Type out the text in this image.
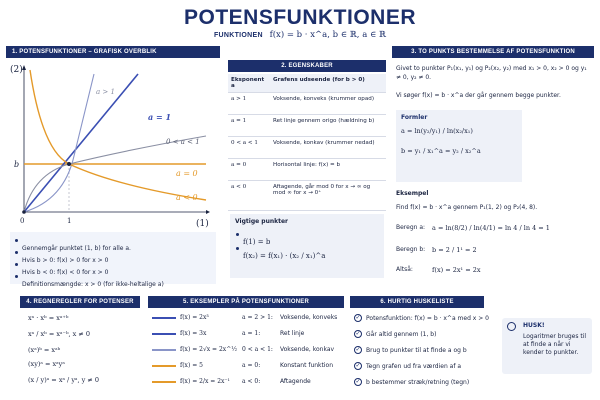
POTENSFUNKTIONER
FUNKTIONEN f(x) = b · x^a, b ∈ ℝ, a ∈ ℝ
1. POTENSFUNKTIONER – GRAFISK OVERBLIK
(2)
(1)
b
0	1
a > 1
a = 1
0 < a < 1
a = 0
a < 0
Gennemgår punktet (1, b) for alle a.
Hvis b > 0: f(x) > 0 for x > 0
Hvis b < 0: f(x) < 0 for x > 0
Definitionsmængde: x > 0 (for ikke-heltalige a)
2. EGENSKABER
Eksponent a
Grafens udseende (for b > 0)
a > 1	Voksende, konveks (krummer opad)
a = 1	Ret linje gennem origo (hældning b)
0 < a < 1	Voksende, konkav (krummer nedad)
a = 0	Horisontal linje: f(x) = b
a < 0	Aftagende, går mod 0 for x → ∞ og mod ∞ for x → 0⁺
Vigtige punkter
f(1) = b
f(x₂) = f(x₁) · (x₂ / x₁)^a
3. TO PUNKTS BESTEMMELSE AF POTENSFUNKTION
Givet to punkter P₁(x₁, y₁) og P₂(x₂, y₂) med x₁ > 0, x₂ > 0 og y₁ ≠ 0, y₂ ≠ 0.
Vi søger f(x) = b · x^a der går gennem begge punkter.
Formler
a = ln(y₂/y₁) / ln(x₂/x₁)
b = y₁ / x₁^a = y₂ / x₂^a
Eksempel
Find f(x) = b · x^a gennem P₁(1, 2) og P₂(4, 8).
Beregn a:	a = ln(8/2) / ln(4/1) = ln 4 / ln 4 = 1
Beregn b:	b = 2 / 1¹ = 2
Altså:	f(x) = 2x¹ = 2x
4. REGNEREGLER FOR POTENSER
xᵃ · xᵇ = xᵃ⁺ᵇ
xᵃ / xᵇ = xᵃ⁻ᵇ, x ≠ 0
(xᵃ)ᵇ = xᵃᵇ
(xy)ᵃ = xᵃyᵃ
(x / y)ᵃ = xᵃ / yᵃ, y ≠ 0
5. EKSEMPLER PÅ POTENSFUNKTIONER
f(x) = 2x³	a = 2 > 1: Voksende, konveks
f(x) = 3x	a = 1:	Ret linje
f(x) = 2√x = 2x^½ 0 < a < 1: Voksende, konkav
f(x) = 5	a = 0:	Konstant funktion
f(x) = 2/x = 2x⁻¹ a < 0:	Aftagende
6. HURTIG HUSKELISTE
✓ Potensfunktion: f(x) = b · x^a med x > 0
✓ Går altid gennem (1, b)
✓ Brug to punkter til at finde a og b
✓ Tegn grafen ud fra værdien af a
✓ b bestemmer stræk/retning (tegn)
HUSK!
Logaritmer bruges til at finde a når vi kender to punkter.
